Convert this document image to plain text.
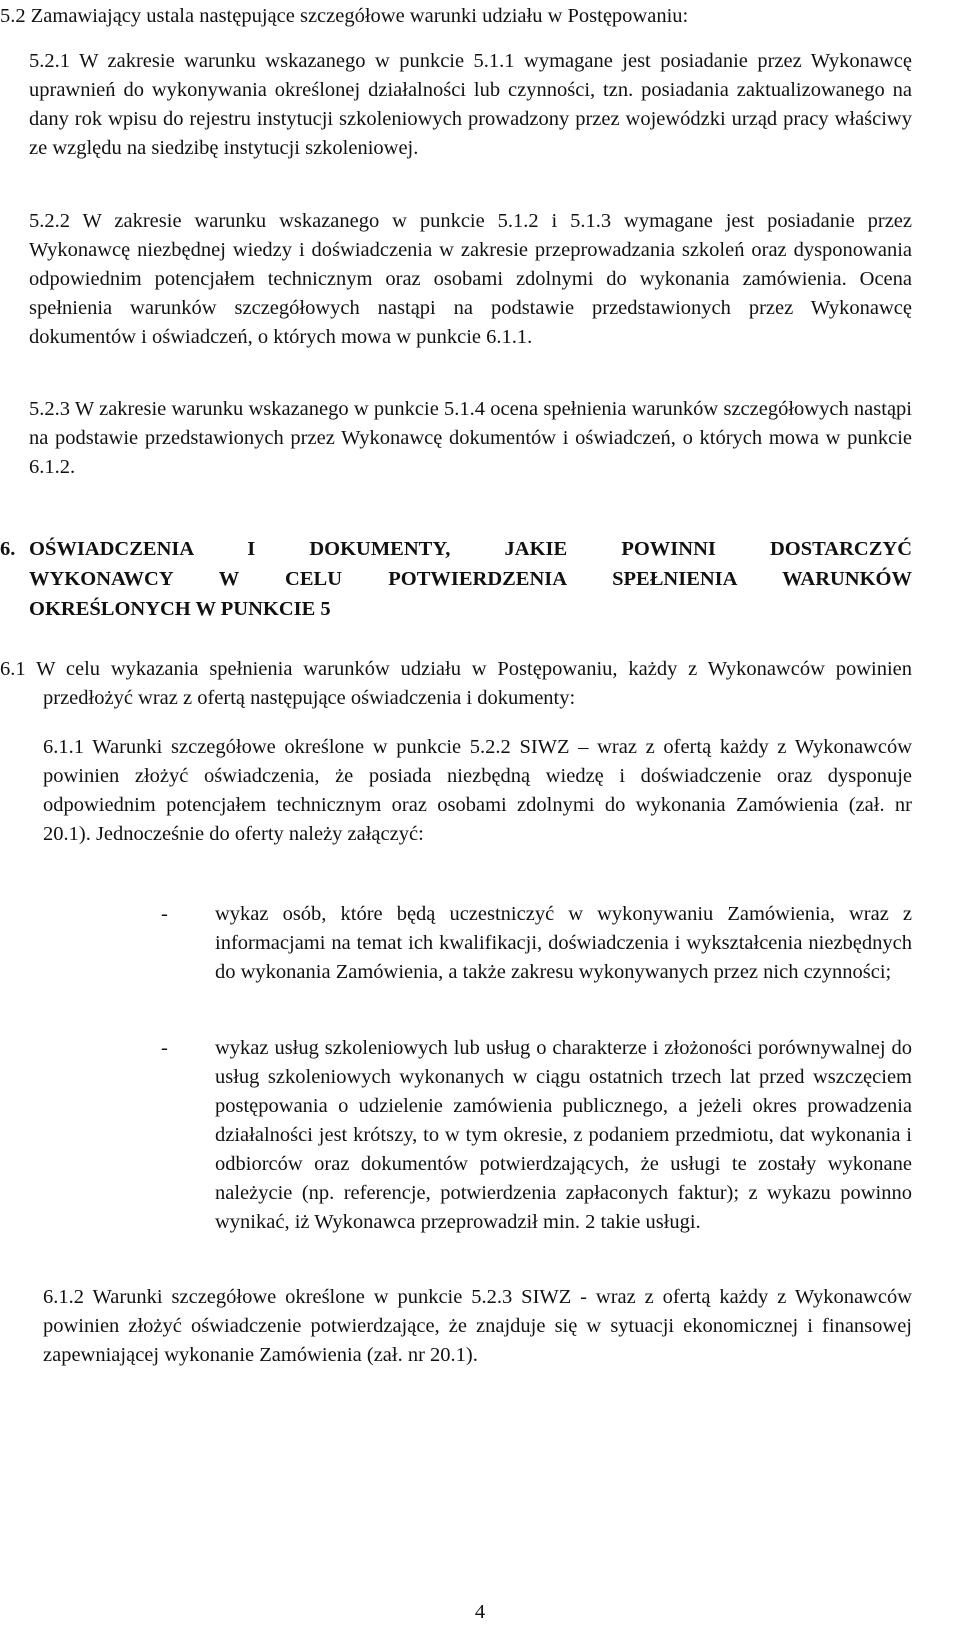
5.2 Zamawiający ustala następujące szczegółowe warunki udziału w Postępowaniu:

5.2.1 W zakresie warunku wskazanego w punkcie 5.1.1 wymagane jest posiadanie przez Wykonawcę uprawnień do wykonywania określonej działalności lub czynności, tzn. posiadania zaktualizowanego na dany rok wpisu do rejestru instytucji szkoleniowych prowadzony przez wojewódzki urząd pracy właściwy ze względu na siedzibę instytucji szkoleniowej.

5.2.2 W zakresie warunku wskazanego w punkcie 5.1.2 i 5.1.3 wymagane jest posiadanie przez Wykonawcę niezbędnej wiedzy i doświadczenia w zakresie przeprowadzania szkoleń oraz dysponowania odpowiednim potencjałem technicznym oraz osobami zdolnymi do wykonania zamówienia. Ocena spełnienia warunków szczegółowych nastąpi na podstawie przedstawionych przez Wykonawcę dokumentów i oświadczeń, o których mowa w punkcie 6.1.1.

5.2.3 W zakresie warunku wskazanego w punkcie 5.1.4 ocena spełnienia warunków szczegółowych nastąpi na podstawie przedstawionych przez Wykonawcę dokumentów i oświadczeń, o których mowa w punkcie 6.1.2.

6. OŚWIADCZENIA I DOKUMENTY, JAKIE POWINNI DOSTARCZYĆ
WYKONAWCY W CELU POTWIERDZENIA SPEŁNIENIA WARUNKÓW
OKREŚLONYCH W PUNKCIE 5

6.1 W celu wykazania spełnienia warunków udziału w Postępowaniu, każdy z Wykonawców powinien przedłożyć wraz z ofertą następujące oświadczenia i dokumenty:

6.1.1 Warunki szczegółowe określone w punkcie 5.2.2 SIWZ – wraz z ofertą każdy z Wykonawców powinien złożyć oświadczenia, że posiada niezbędną wiedzę i doświadczenie oraz dysponuje odpowiednim potencjałem technicznym oraz osobami zdolnymi do wykonania Zamówienia (zał. nr 20.1). Jednocześnie do oferty należy załączyć:

- wykaz osób, które będą uczestniczyć w wykonywaniu Zamówienia, wraz z informacjami na temat ich kwalifikacji, doświadczenia i wykształcenia niezbędnych do wykonania Zamówienia, a także zakresu wykonywanych przez nich czynności;

- wykaz usług szkoleniowych lub usług o charakterze i złożoności porównywalnej do usług szkoleniowych wykonanych w ciągu ostatnich trzech lat przed wszczęciem postępowania o udzielenie zamówienia publicznego, a jeżeli okres prowadzenia działalności jest krótszy, to w tym okresie, z podaniem przedmiotu, dat wykonania i odbiorców oraz dokumentów potwierdzających, że usługi te zostały wykonane należycie (np. referencje, potwierdzenia zapłaconych faktur); z wykazu powinno wynikać, iż Wykonawca przeprowadził min. 2 takie usługi.

6.1.2 Warunki szczegółowe określone w punkcie 5.2.3 SIWZ - wraz z ofertą każdy z Wykonawców powinien złożyć oświadczenie potwierdzające, że znajduje się w sytuacji ekonomicznej i finansowej zapewniającej wykonanie Zamówienia (zał. nr 20.1).

4
